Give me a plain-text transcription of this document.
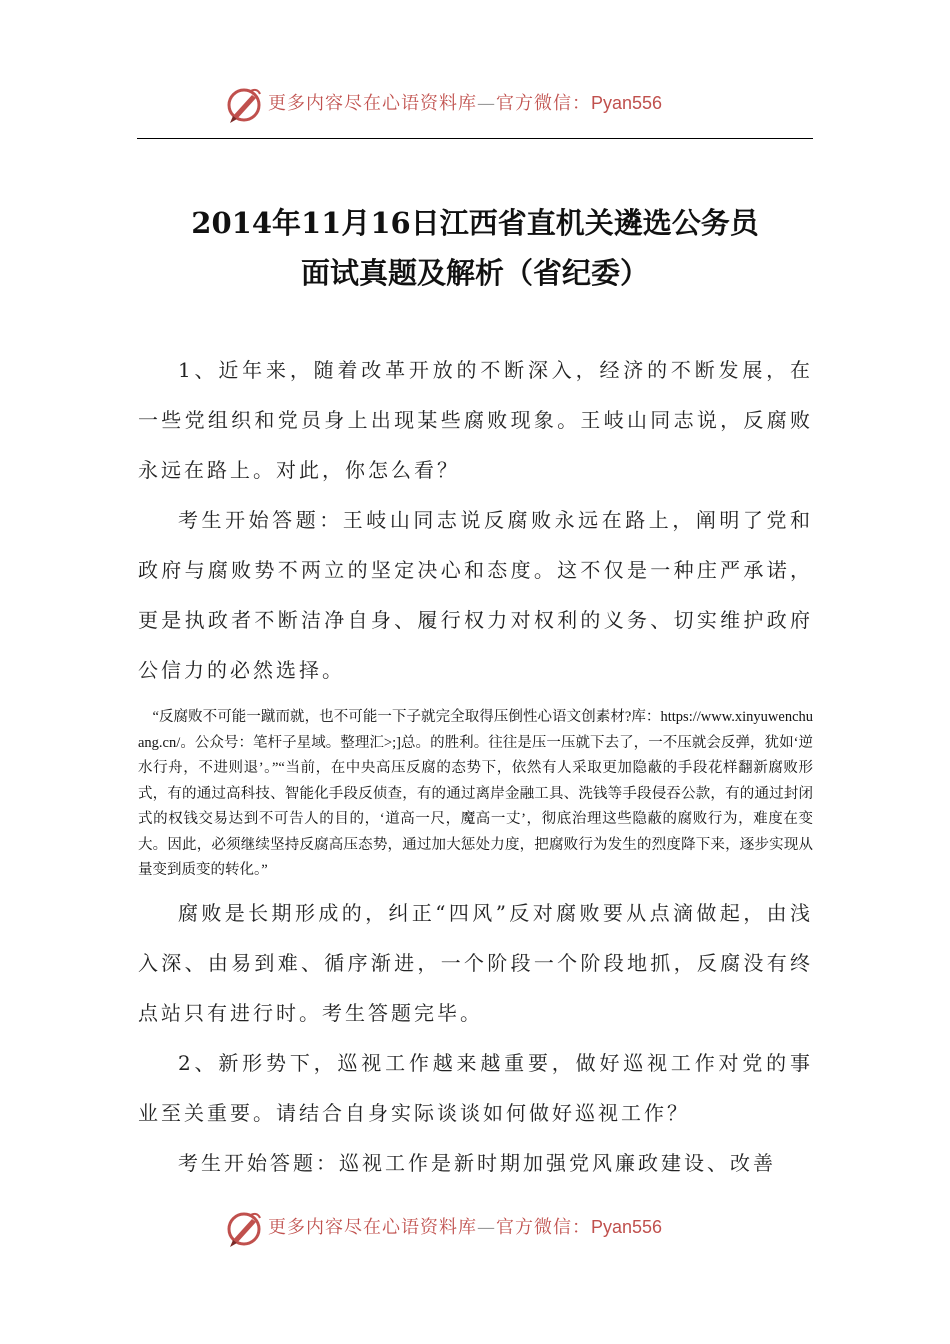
更多内容尽在心语资料库—官方微信：Pyan556
2014年11月16日江西省直机关遴选公务员
面试真题及解析（省纪委）

1、近年来，随着改革开放的不断深入，经济的不断发展，在一些党组织和党员身上出现某些腐败现象。王岐山同志说，反腐败永远在路上。对此，你怎么看？

考生开始答题：王岐山同志说反腐败永远在路上，阐明了党和政府与腐败势不两立的坚定决心和态度。这不仅是一种庄严承诺，更是执政者不断洁净自身、履行权力对权利的义务、切实维护政府公信力的必然选择。

“反腐败不可能一蹴而就，也不可能一下子就完全取得压倒性心语文创素材?库：https://www.xinyuwenchuang.cn/。公众号：笔杆子星域。整理汇>;]总。的胜利。往往是压一压就下去了，一不压就会反弹，犹如‘逆水行舟，不进则退’。”“当前，在中央高压反腐的态势下，依然有人采取更加隐蔽的手段花样翻新腐败形式，有的通过高科技、智能化手段反侦查，有的通过离岸金融工具、洗钱等手段侵吞公款，有的通过封闭式的权钱交易达到不可告人的目的，‘道高一尺，魔高一丈’，彻底治理这些隐蔽的腐败行为，难度在变大。因此，必须继续坚持反腐高压态势，通过加大惩处力度，把腐败行为发生的烈度降下来，逐步实现从量变到质变的转化。”

腐败是长期形成的，纠正“四风”反对腐败要从点滴做起，由浅入深、由易到难、循序渐进，一个阶段一个阶段地抓，反腐没有终点站只有进行时。考生答题完毕。

2、新形势下，巡视工作越来越重要，做好巡视工作对党的事业至关重要。请结合自身实际谈谈如何做好巡视工作？

考生开始答题：巡视工作是新时期加强党风廉政建设、改善

更多内容尽在心语资料库—官方微信：Pyan556
